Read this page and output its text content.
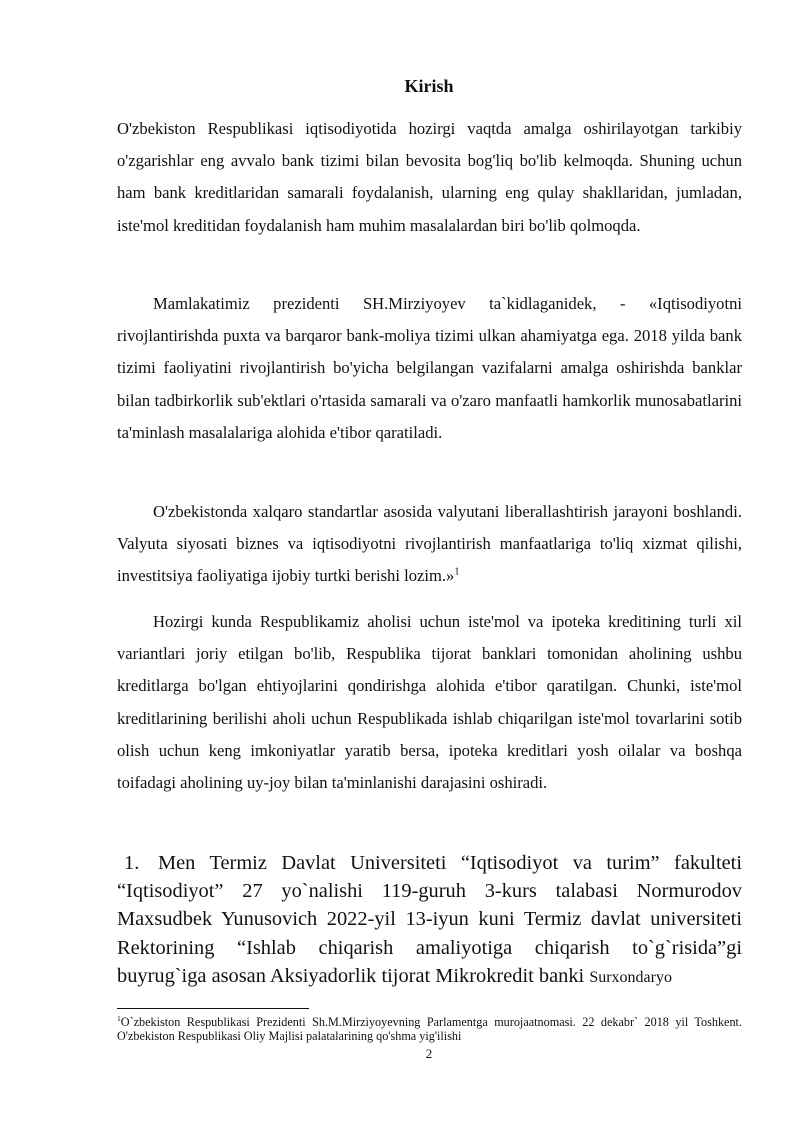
Kirish

O'zbekiston Respublikasi iqtisodiyotida hozirgi vaqtda amalga oshirilayotgan tarkibiy o'zgarishlar eng avvalo bank tizimi bilan bevosita bog'liq bo'lib kelmoqda. Shuning uchun ham bank kreditlaridan samarali foydalanish, ularning eng qulay shakllaridan, jumladan, iste'mol kreditidan foydalanish ham muhim masalalardan biri bo'lib qolmoqda.

Mamlakatimiz prezidenti SH.Mirziyoyev ta`kidlaganidek, - «Iqtisodiyotni rivojlantirishda puxta va barqaror bank-moliya tizimi ulkan ahamiyatga ega. 2018 yilda bank tizimi faoliyatini rivojlantirish bo'yicha belgilangan vazifalarni amalga oshirishda banklar bilan tadbirkorlik sub'ektlari o'rtasida samarali va o'zaro manfaatli hamkorlik munosabatlarini ta'minlash masalalariga alohida e'tibor qaratiladi.

O'zbekistonda xalqaro standartlar asosida valyutani liberallashtirish jarayoni boshlandi. Valyuta siyosati biznes va iqtisodiyotni rivojlantirish manfaatlariga to'liq xizmat qilishi, investitsiya faoliyatiga ijobiy turtki berishi lozim.»$^1$

Hozirgi kunda Respublikamiz aholisi uchun iste'mol va ipoteka kreditining turli xil variantlari joriy etilgan bo'lib, Respublika tijorat banklari tomonidan aholining ushbu kreditlarga bo'lgan ehtiyojlarini qondirishga alohida e'tibor qaratilgan. Chunki, iste'mol kreditlarining berilishi aholi uchun Respublikada ishlab chiqarilgan iste'mol tovarlarini sotib olish uchun keng imkoniyatlar yaratib bersa, ipoteka kreditlari yosh oilalar va boshqa toifadagi aholining uy-joy bilan ta'minlanishi darajasini oshiradi.

1. Men Termiz Davlat Universiteti “Iqtisodiyot va turim” fakulteti “Iqtisodiyot” 27 yo`nalishi 119-guruh 3-kurs talabasi Normurodov Maxsudbek Yunusovich 2022-yil 13-iyun kuni Termiz davlat universiteti Rektorining “Ishlab chiqarish amaliyotiga chiqarish to`g`risida”gi buyrug`iga asosan Aksiyadorlik tijorat Mikrokredit banki Surxondaryo

$^1$O`zbekiston Respublikasi Prezidenti Sh.M.Mirziyoyevning Parlamentga murojaatnomasi. 22 dekabr` 2018 yil Toshkent. O'zbekiston Respublikasi Oliy Majlisi palatalarining qo'shma yig'ilishi

2
